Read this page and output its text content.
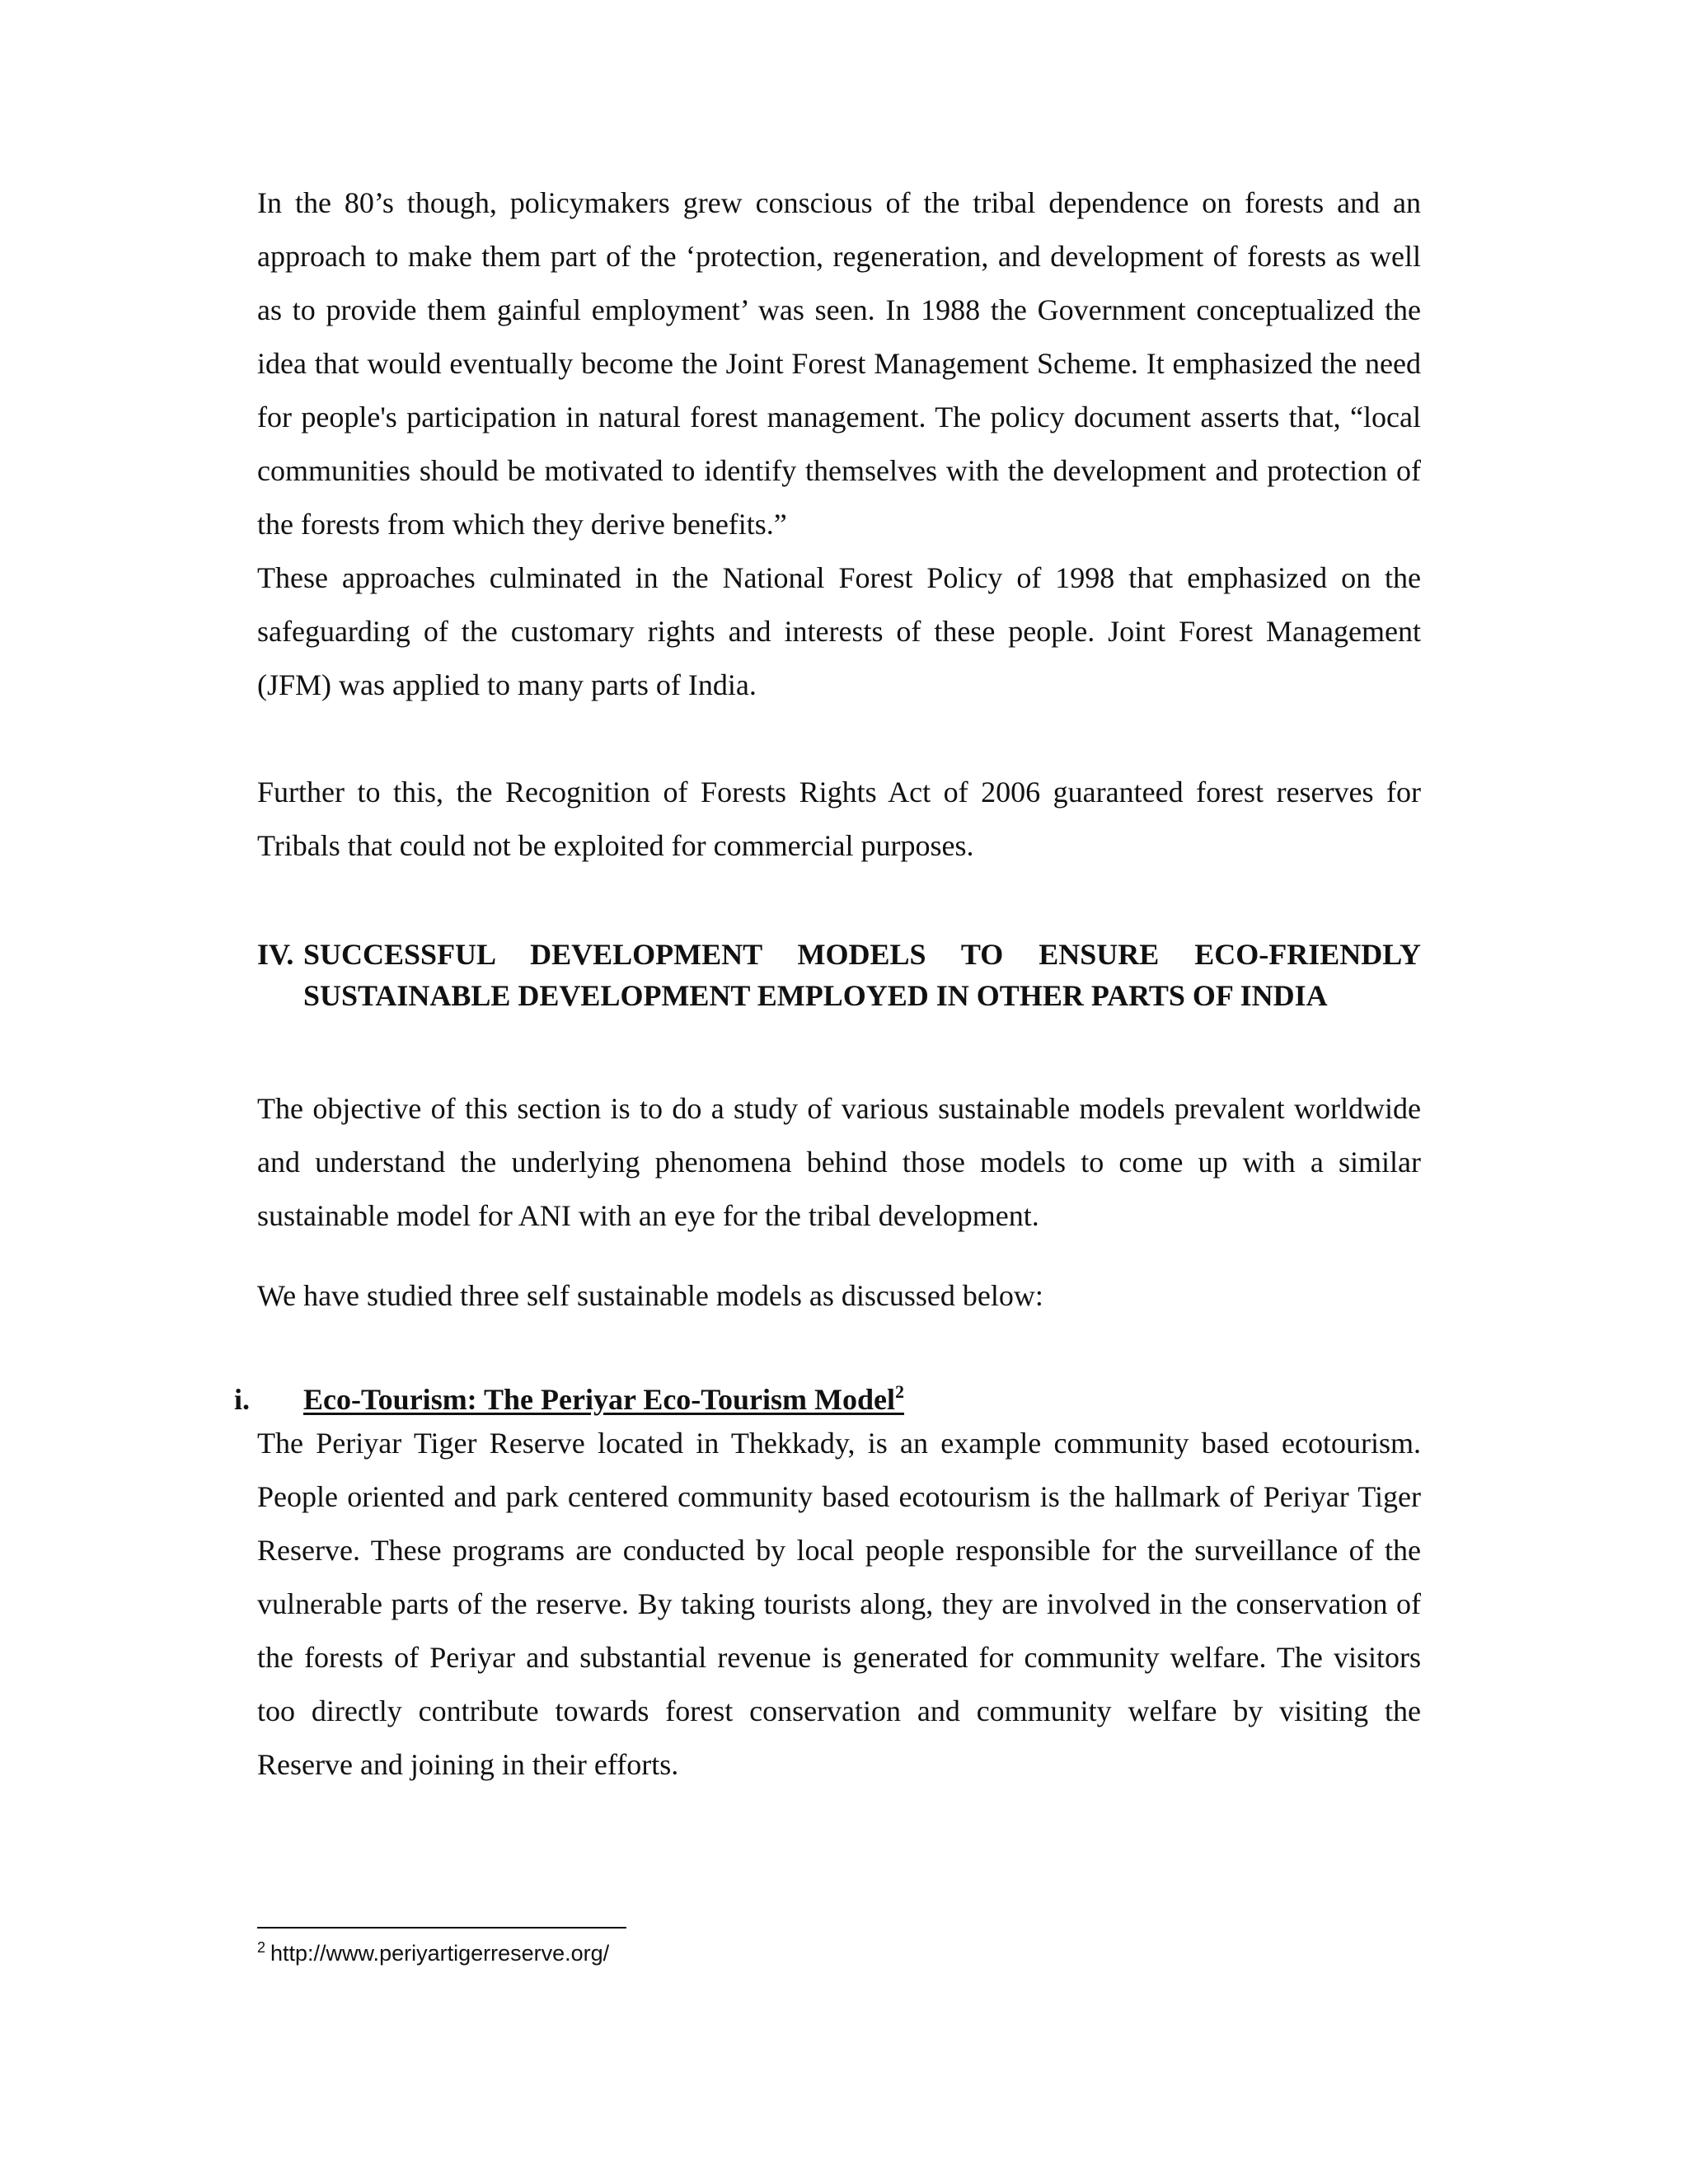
In the 80’s though, policymakers grew conscious of the tribal dependence on forests and an approach to make them part of the ‘protection, regeneration, and development of forests as well as to provide them gainful employment’ was seen. In 1988 the Government conceptualized the idea that would eventually become the Joint Forest Management Scheme. It emphasized the need for people's participation in natural forest management. The policy document asserts that, “local communities should be motivated to identify themselves with the development and protection of the forests from which they derive benefits.”

These approaches culminated in the National Forest Policy of 1998 that emphasized on the safeguarding of the customary rights and interests of these people. Joint Forest Management (JFM) was applied to many parts of India.

Further to this, the Recognition of Forests Rights Act of 2006 guaranteed forest reserves for Tribals that could not be exploited for commercial purposes.

IV. SUCCESSFUL DEVELOPMENT MODELS TO ENSURE ECO-FRIENDLY
SUSTAINABLE DEVELOPMENT EMPLOYED IN OTHER PARTS OF INDIA

The objective of this section is to do a study of various sustainable models prevalent worldwide and understand the underlying phenomena behind those models to come up with a similar sustainable model for ANI with an eye for the tribal development.

We have studied three self sustainable models as discussed below:

i. Eco-Tourism: The Periyar Eco-Tourism Model$^2$

The Periyar Tiger Reserve located in Thekkady, is an example community based ecotourism. People oriented and park centered community based ecotourism is the hallmark of Periyar Tiger Reserve. These programs are conducted by local people responsible for the surveillance of the vulnerable parts of the reserve. By taking tourists along, they are involved in the conservation of the forests of Periyar and substantial revenue is generated for community welfare. The visitors too directly contribute towards forest conservation and community welfare by visiting the Reserve and joining in their efforts.

$^2$ http://www.periyartigerreserve.org/
